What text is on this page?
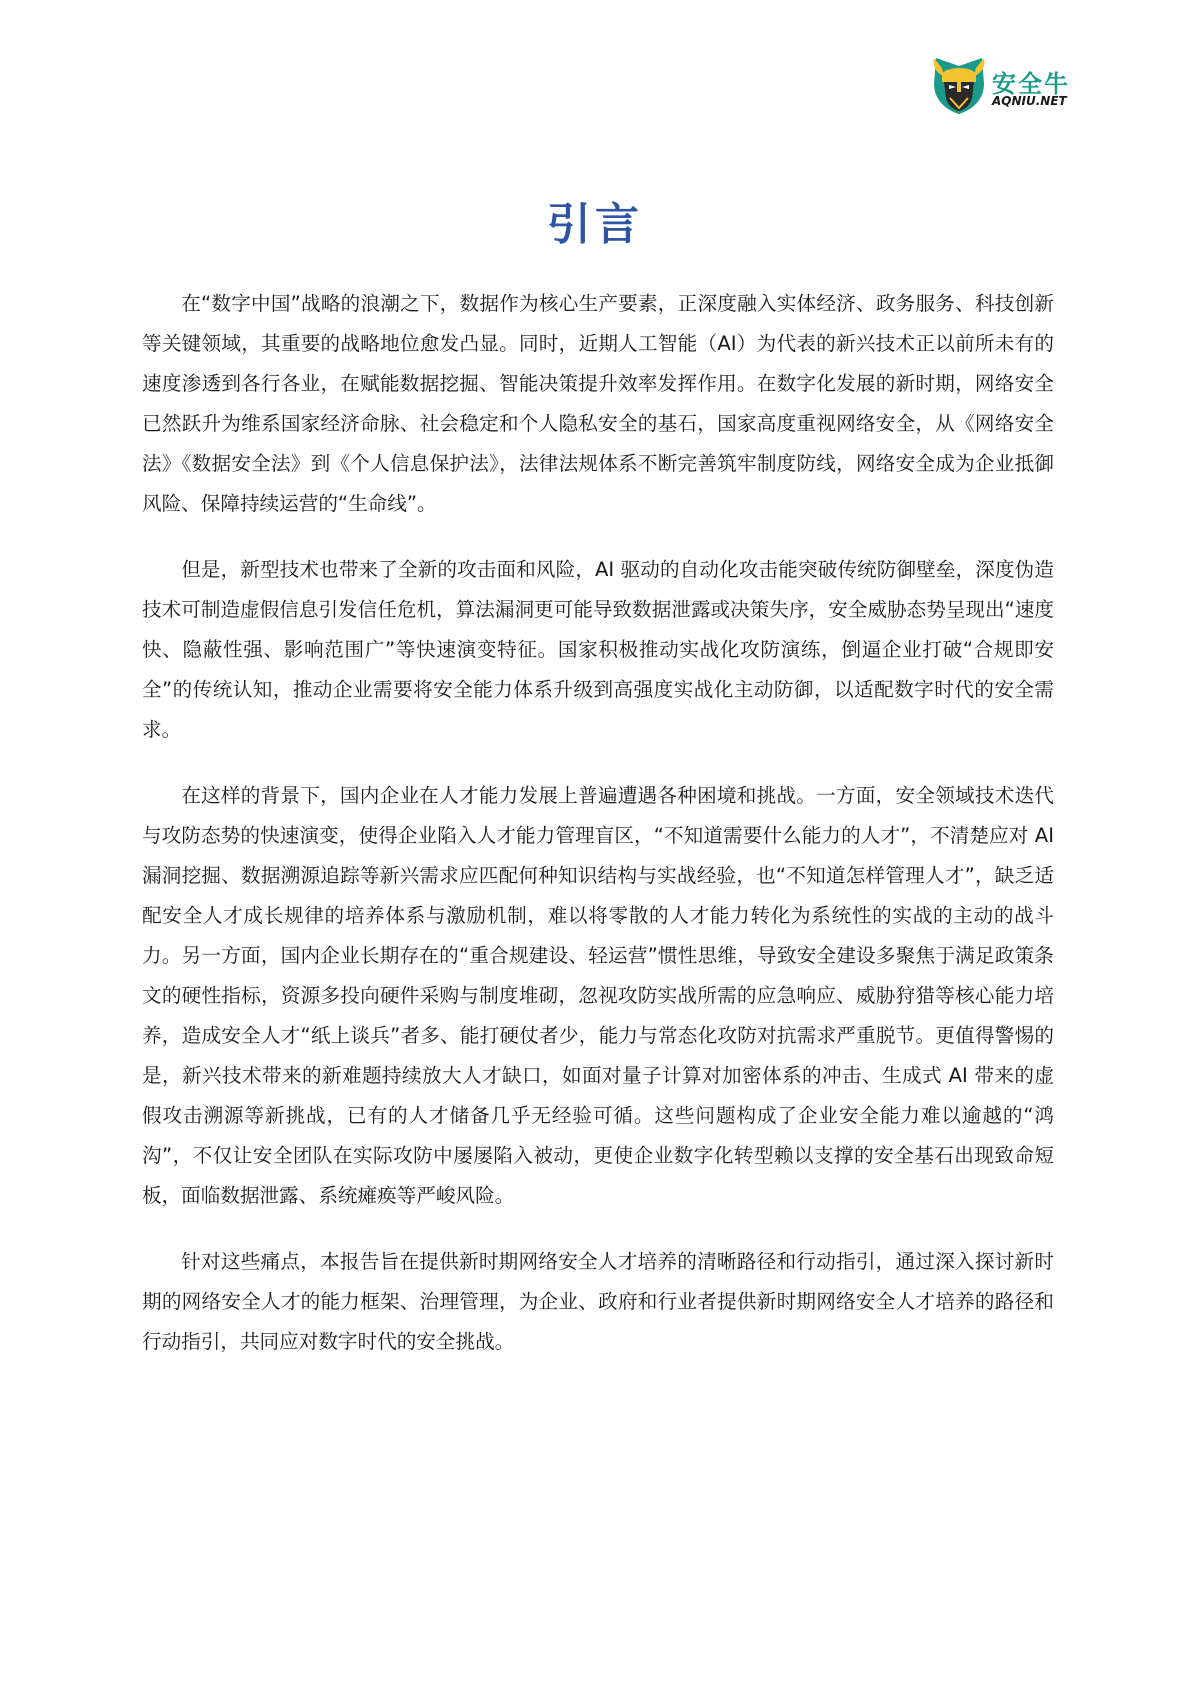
安全牛
AQNIU.NET
引言

在“数字中国”战略的浪潮之下，数据作为核心生产要素，正深度融入实体经济、政务服务、科技创新等关键领域，其重要的战略地位愈发凸显。同时，近期人工智能（AI）为代表的新兴技术正以前所未有的速度渗透到各行各业，在赋能数据挖掘、智能决策提升效率发挥作用。在数字化发展的新时期，网络安全已然跃升为维系国家经济命脉、社会稳定和个人隐私安全的基石，国家高度重视网络安全，从《网络安全法》《数据安全法》到《个人信息保护法》，法律法规体系不断完善筑牢制度防线，网络安全成为企业抵御风险、保障持续运营的“生命线”。

但是，新型技术也带来了全新的攻击面和风险，AI 驱动的自动化攻击能突破传统防御壁垒，深度伪造技术可制造虚假信息引发信任危机，算法漏洞更可能导致数据泄露或决策失序，安全威胁态势呈现出“速度快、隐蔽性强、影响范围广”等快速演变特征。国家积极推动实战化攻防演练，倒逼企业打破“合规即安全”的传统认知，推动企业需要将安全能力体系升级到高强度实战化主动防御，以适配数字时代的安全需求。

在这样的背景下，国内企业在人才能力发展上普遍遭遇各种困境和挑战。一方面，安全领域技术迭代与攻防态势的快速演变，使得企业陷入人才能力管理盲区，“不知道需要什么能力的人才”，不清楚应对 AI 漏洞挖掘、数据溯源追踪等新兴需求应匹配何种知识结构与实战经验，也“不知道怎样管理人才”，缺乏适配安全人才成长规律的培养体系与激励机制，难以将零散的人才能力转化为系统性的实战的主动的战斗力。另一方面，国内企业长期存在的“重合规建设、轻运营”惯性思维，导致安全建设多聚焦于满足政策条文的硬性指标，资源多投向硬件采购与制度堆砌，忽视攻防实战所需的应急响应、威胁狩猎等核心能力培养，造成安全人才“纸上谈兵”者多、能打硬仗者少，能力与常态化攻防对抗需求严重脱节。更值得警惕的是，新兴技术带来的新难题持续放大人才缺口，如面对量子计算对加密体系的冲击、生成式 AI 带来的虚假攻击溯源等新挑战，已有的人才储备几乎无经验可循。这些问题构成了企业安全能力难以逾越的“鸿沟”，不仅让安全团队在实际攻防中屡屡陷入被动，更使企业数字化转型赖以支撑的安全基石出现致命短板，面临数据泄露、系统瘫痪等严峻风险。

针对这些痛点，本报告旨在提供新时期网络安全人才培养的清晰路径和行动指引，通过深入探讨新时期的网络安全人才的能力框架、治理管理，为企业、政府和行业者提供新时期网络安全人才培养的路径和行动指引，共同应对数字时代的安全挑战。
